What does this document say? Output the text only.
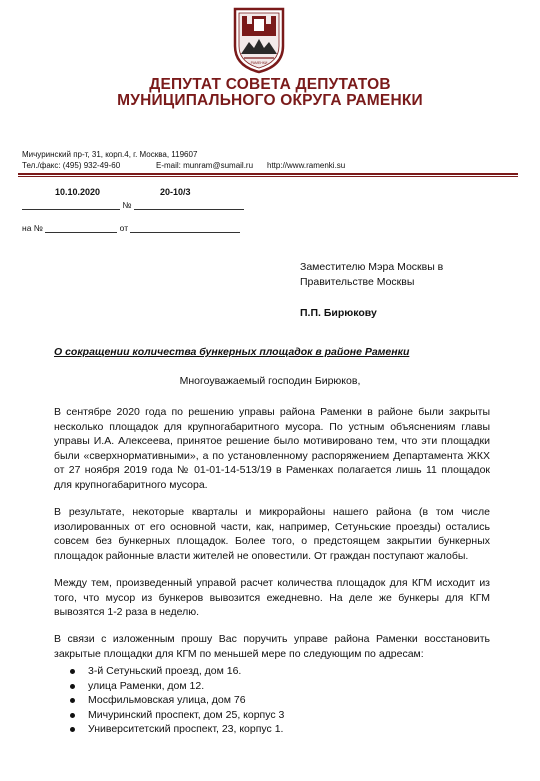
РАМЕНКИ
ДЕПУТАТ СОВЕТА ДЕПУТАТОВ
МУНИЦИПАЛЬНОГО ОКРУГА РАМЕНКИ
Мичуринский пр-т, 31, корп.4, г. Москва, 119607
Тел./факс: (495) 932-49-60	E-mail: munram@sumail.ru http://www.ramenki.su
10.10.2020	20-10/3
№
на №	от
Заместителю Мэра Москвы в
Правительстве Москвы
П.П. Бирюкову
О сокращении количества бункерных площадок в районе Раменки
Многоуважаемый господин Бирюков,

В сентябре 2020 года по решению управы района Раменки в районе были закрыты несколько площадок для крупногабаритного мусора. По устным объяснениям главы управы И.А. Алексеева, принятое решение было мотивировано тем, что эти площадки были «сверхнормативными», а по установленному распоряжением Департамента ЖКХ от 27 ноября 2019 года № 01-01-14-513/19 в Раменках полагается лишь 11 площадок для крупногабаритного мусора.

В результате, некоторые кварталы и микрорайоны нашего района (в том числе изолированных от его основной части, как, например, Сетуньские проезды) остались совсем без бункерных площадок. Более того, о предстоящем закрытии бункерных площадок районные власти жителей не оповестили. От граждан поступают жалобы.

Между тем, произведенный управой расчет количества площадок для КГМ исходит из того, что мусор из бункеров вывозится ежедневно. На деле же бункеры для КГМ вывозятся 1-2 раза в неделю.

В связи с изложенным прошу Вас поручить управе района Раменки восстановить закрытые площадки для КГМ по меньшей мере по следующим по адресам:

3-й Сетуньский проезд, дом 16.
улица Раменки, дом 12.
Мосфильмовская улица, дом 76
Мичуринский проспект, дом 25, корпус 3
Университетский проспект, 23, корпус 1.
